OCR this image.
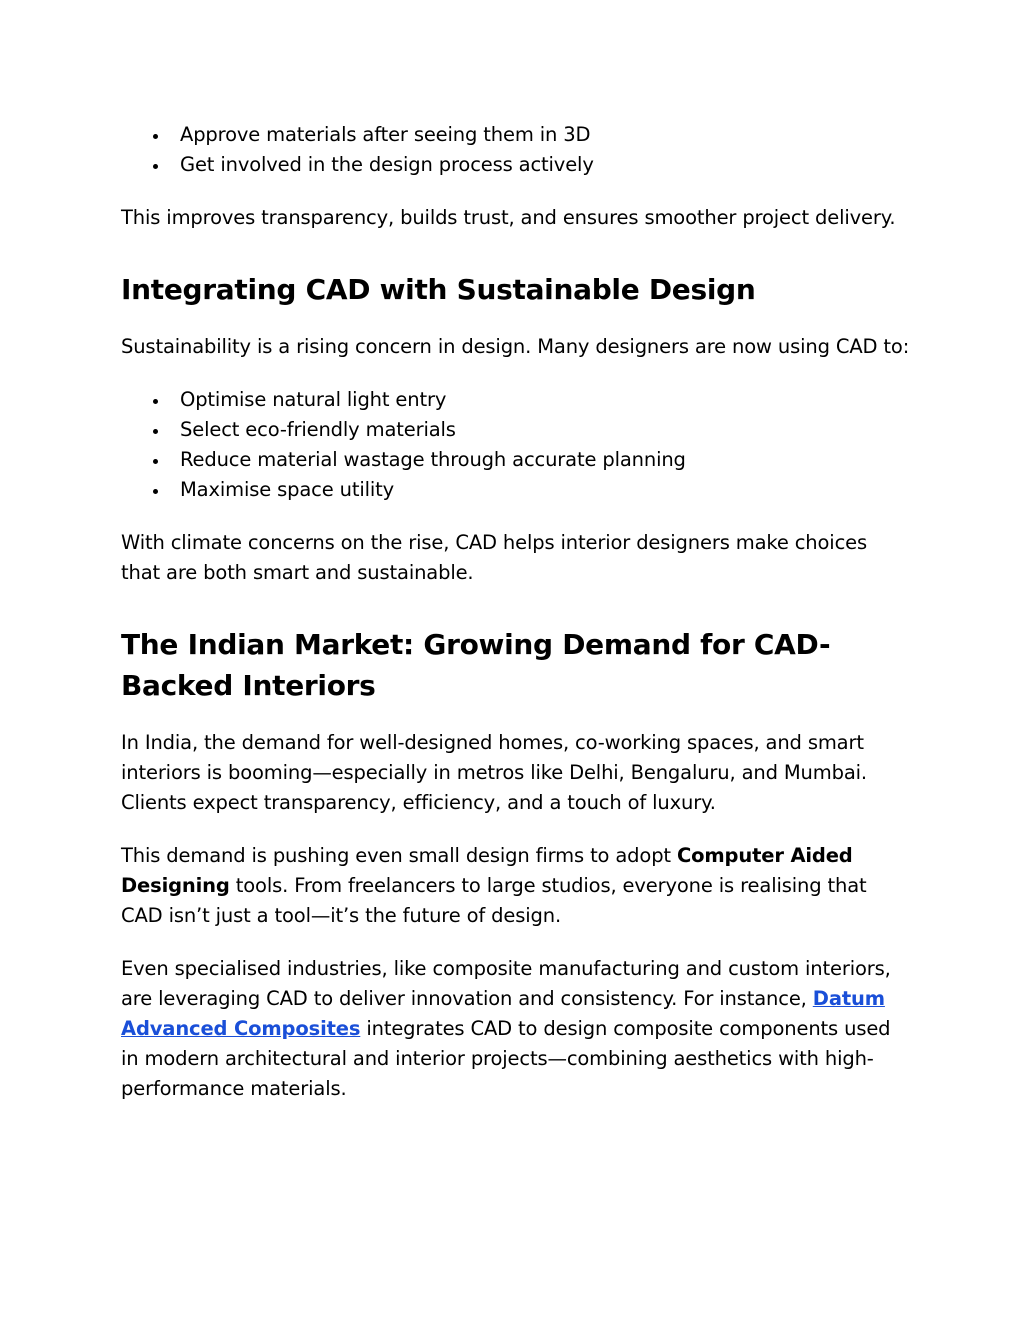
Approve materials after seeing them in 3D
Get involved in the design process actively

This improves transparency, builds trust, and ensures smoother project delivery.

Integrating CAD with Sustainable Design

Sustainability is a rising concern in design. Many designers are now using CAD to:

Optimise natural light entry
Select eco-friendly materials
Reduce material wastage through accurate planning
Maximise space utility

With climate concerns on the rise, CAD helps interior designers make choices that are both smart and sustainable.

The Indian Market: Growing Demand for CAD-Backed Interiors

In India, the demand for well-designed homes, co-working spaces, and smart interiors is booming—especially in metros like Delhi, Bengaluru, and Mumbai. Clients expect transparency, efficiency, and a touch of luxury.

This demand is pushing even small design firms to adopt Computer Aided Designing tools. From freelancers to large studios, everyone is realising that CAD isn’t just a tool—it’s the future of design.

Even specialised industries, like composite manufacturing and custom interiors, are leveraging CAD to deliver innovation and consistency. For instance, Datum Advanced Composites integrates CAD to design composite components used in modern architectural and interior projects—combining aesthetics with high-performance materials.
